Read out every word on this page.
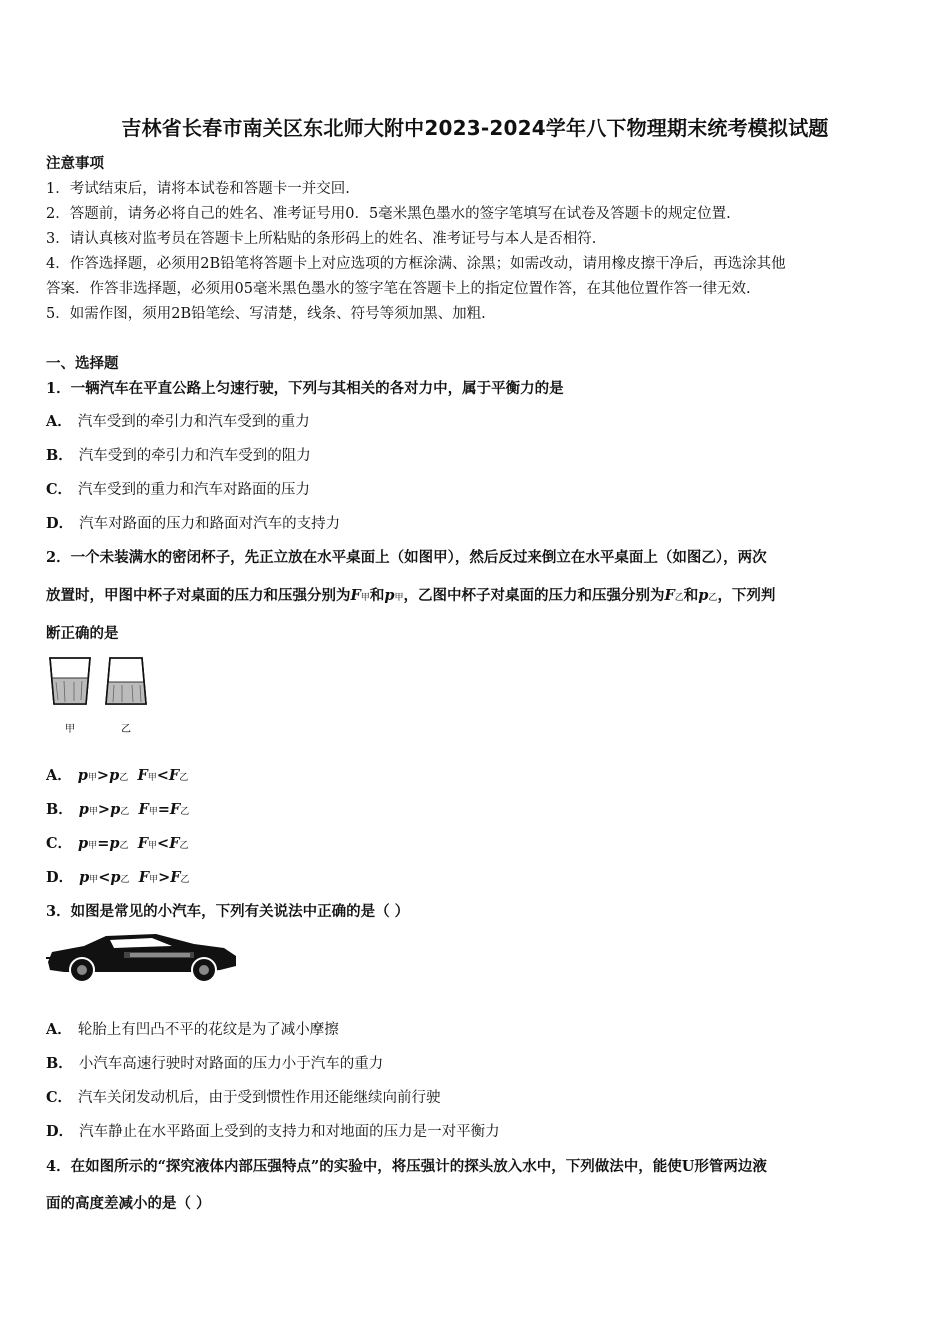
吉林省长春市南关区东北师大附中2023-2024学年八下物理期末统考模拟试题
注意事项
1．考试结束后，请将本试卷和答题卡一并交回.
2．答题前，请务必将自己的姓名、准考证号用0．5毫米黑色墨水的签字笔填写在试卷及答题卡的规定位置.
3．请认真核对监考员在答题卡上所粘贴的条形码上的姓名、准考证号与本人是否相符.
4．作答选择题，必须用2B铅笔将答题卡上对应选项的方框涂满、涂黑；如需改动，请用橡皮擦干净后，再选涂其他
答案．作答非选择题，必须用05毫米黑色墨水的签字笔在答题卡上的指定位置作答，在其他位置作答一律无效.
5．如需作图，须用2B铅笔绘、写清楚，线条、符号等须加黑、加粗.
一、选择题
1．一辆汽车在平直公路上匀速行驶，下列与其相关的各对力中，属于平衡力的是
A． 汽车受到的牵引力和汽车受到的重力
B． 汽车受到的牵引力和汽车受到的阻力
C． 汽车受到的重力和汽车对路面的压力
D． 汽车对路面的压力和路面对汽车的支持力
2．一个未装满水的密闭杯子，先正立放在水平桌面上（如图甲），然后反过来倒立在水平桌面上（如图乙），两次
放置时，甲图中杯子对桌面的压力和压强分别为F甲和p甲，乙图中杯子对桌面的压力和压强分别为F乙和p乙，下列判
断正确的是
甲	乙
A． p甲>p乙 F甲<F乙
B． p甲>p乙 F甲=F乙
C． p甲=p乙 F甲<F乙
D． p甲<p乙 F甲>F乙
3．如图是常见的小汽车，下列有关说法中正确的是（ ）
A． 轮胎上有凹凸不平的花纹是为了减小摩擦
B． 小汽车高速行驶时对路面的压力小于汽车的重力
C． 汽车关闭发动机后，由于受到惯性作用还能继续向前行驶
D． 汽车静止在水平路面上受到的支持力和对地面的压力是一对平衡力
4．在如图所示的“探究液体内部压强特点”的实验中，将压强计的探头放入水中，下列做法中，能使U形管两边液
面的高度差减小的是（ ）
